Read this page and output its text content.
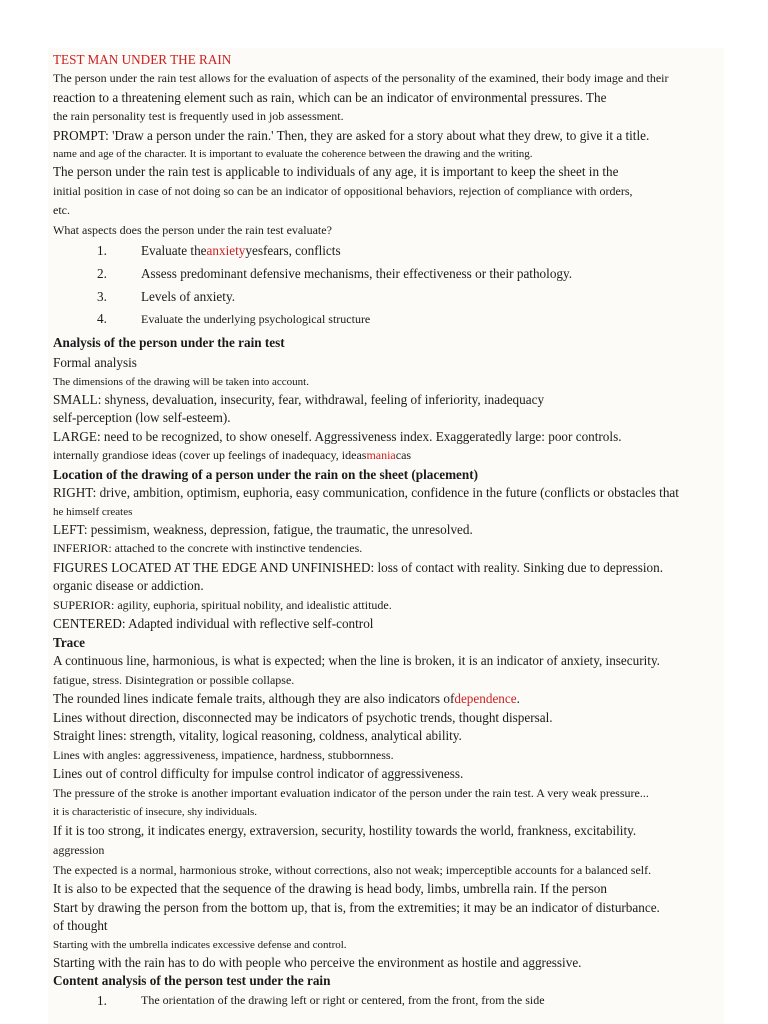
TEST MAN UNDER THE RAIN
The person under the rain test allows for the evaluation of aspects of the personality of the examined, their body image and their
reaction to a threatening element such as rain, which can be an indicator of environmental pressures. The
the rain personality test is frequently used in job assessment.
PROMPT: 'Draw a person under the rain.' Then, they are asked for a story about what they drew, to give it a title.
name and age of the character. It is important to evaluate the coherence between the drawing and the writing.
The person under the rain test is applicable to individuals of any age, it is important to keep the sheet in the
initial position in case of not doing so can be an indicator of oppositional behaviors, rejection of compliance with orders,
etc.
What aspects does the person under the rain test evaluate?
1.	Evaluate theanxietyyesfears, conflicts
2.	Assess predominant defensive mechanisms, their effectiveness or their pathology.
3.	Levels of anxiety.
4.	Evaluate the underlying psychological structure
Analysis of the person under the rain test
Formal analysis
The dimensions of the drawing will be taken into account.
SMALL: shyness, devaluation, insecurity, fear, withdrawal, feeling of inferiority, inadequacy
self-perception (low self-esteem).
LARGE: need to be recognized, to show oneself. Aggressiveness index. Exaggeratedly large: poor controls.
internally grandiose ideas (cover up feelings of inadequacy, ideasmaniacas
Location of the drawing of a person under the rain on the sheet (placement)
RIGHT: drive, ambition, optimism, euphoria, easy communication, confidence in the future (conflicts or obstacles that
he himself creates
LEFT: pessimism, weakness, depression, fatigue, the traumatic, the unresolved.
INFERIOR: attached to the concrete with instinctive tendencies.
FIGURES LOCATED AT THE EDGE AND UNFINISHED: loss of contact with reality. Sinking due to depression.
organic disease or addiction.
SUPERIOR: agility, euphoria, spiritual nobility, and idealistic attitude.
CENTERED: Adapted individual with reflective self-control
Trace
A continuous line, harmonious, is what is expected; when the line is broken, it is an indicator of anxiety, insecurity.
fatigue, stress. Disintegration or possible collapse.
The rounded lines indicate female traits, although they are also indicators ofdependence.
Lines without direction, disconnected may be indicators of psychotic trends, thought dispersal.
Straight lines: strength, vitality, logical reasoning, coldness, analytical ability.
Lines with angles: aggressiveness, impatience, hardness, stubbornness.
Lines out of control difficulty for impulse control indicator of aggressiveness.
The pressure of the stroke is another important evaluation indicator of the person under the rain test. A very weak pressure...
it is characteristic of insecure, shy individuals.
If it is too strong, it indicates energy, extraversion, security, hostility towards the world, frankness, excitability.
aggression
The expected is a normal, harmonious stroke, without corrections, also not weak; imperceptible accounts for a balanced self.
It is also to be expected that the sequence of the drawing is head body, limbs, umbrella rain. If the person
Start by drawing the person from the bottom up, that is, from the extremities; it may be an indicator of disturbance.
of thought
Starting with the umbrella indicates excessive defense and control.
Starting with the rain has to do with people who perceive the environment as hostile and aggressive.
Content analysis of the person test under the rain
1.	The orientation of the drawing left or right or centered, from the front, from the side
